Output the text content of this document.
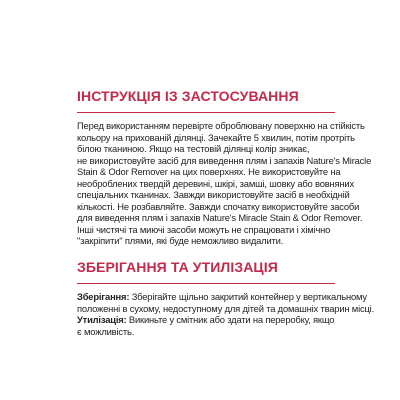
ІНСТРУКЦІЯ ІЗ ЗАСТОСУВАННЯ
Перед використанням перевірте оброблювану поверхню на стійкість
кольору на прихованій ділянці. Зачекайте 5 хвилин, потім протріть
білою тканиною. Якщо на тестовій ділянці колір зникає,
не використовуйте засіб для виведення плям і запахів Nature's Miracle
Stain & Odor Remover на цих поверхнях. Не використовуйте на
необроблених твердій деревині, шкірі, замші, шовку або вовняних
спеціальних тканинах. Завжди використовуйте засіб в необхідній
кількості. Не розбавляйте. Завжди спочатку використовуйте засоби
для виведення плям і запахів Nature's Miracle Stain & Odor Remover.
Інші чистячі та миючі засоби можуть не спрацювати і хімічно
"закріпити" плями, які буде неможливо видалити.
ЗБЕРІГАННЯ ТА УТИЛІЗАЦІЯ
Зберігання: Зберігайте щільно закритий контейнер у вертикальному
положенні в сухому, недоступному для дітей та домашніх тварин місці.
Утилізація: Викиньте у смітник або здати на переробку, якщо
є можливість.
